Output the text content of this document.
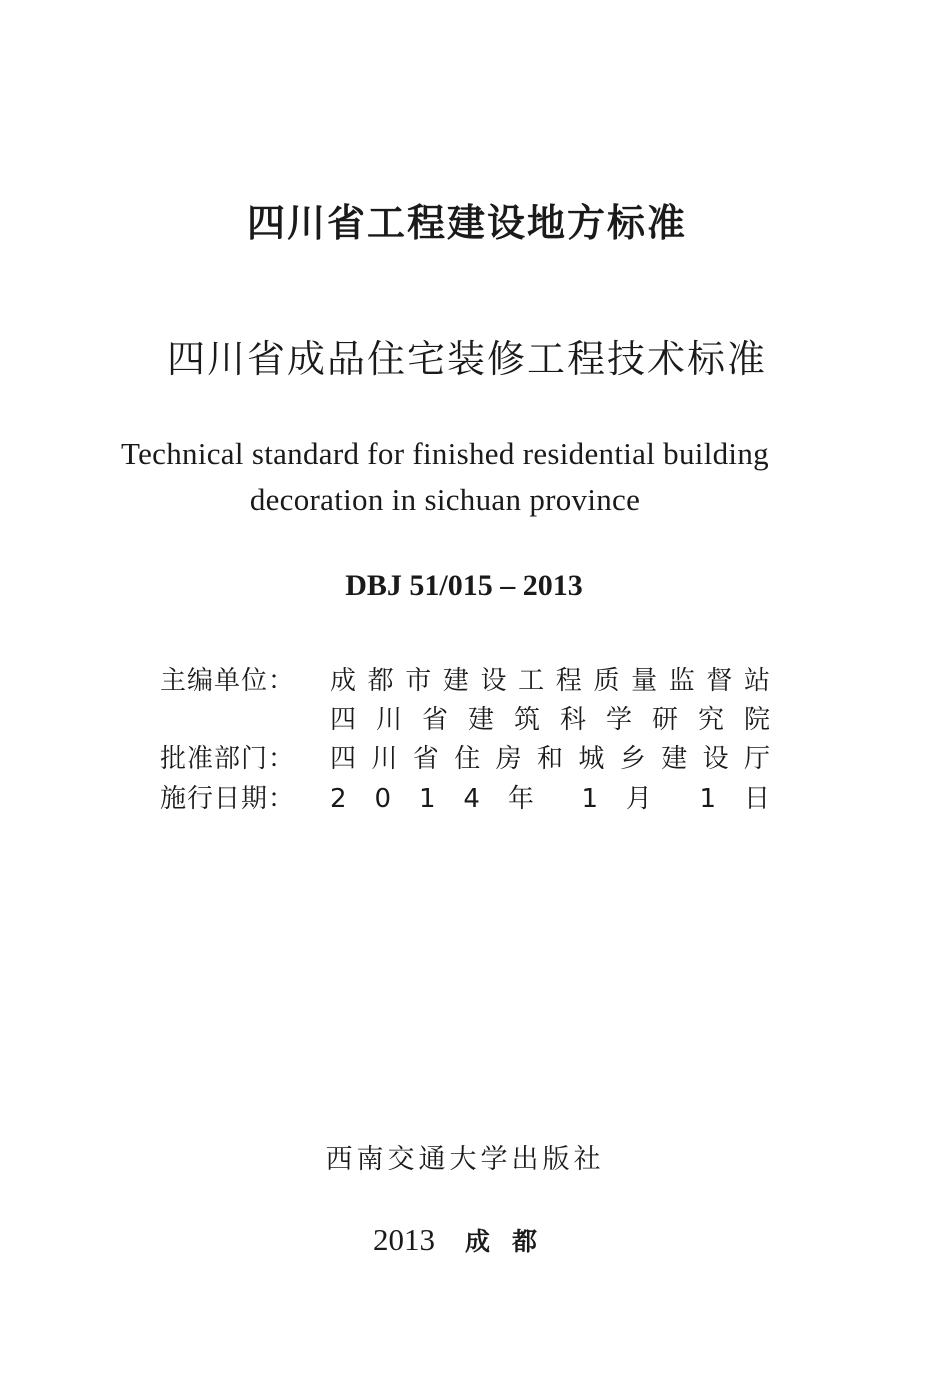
四川省工程建设地方标准
四川省成品住宅装修工程技术标准
Technical standard for finished residential building
decoration in sichuan province
DBJ 51/015 – 2013
主编单位： 成都市建设工程质量监督站
四川省建筑科学研究院
批准部门： 四川省住房和城乡建设厅
施行日期： 2 0 1 4 年 1 月 1 日
西南交通大学出版社
2013 成都
